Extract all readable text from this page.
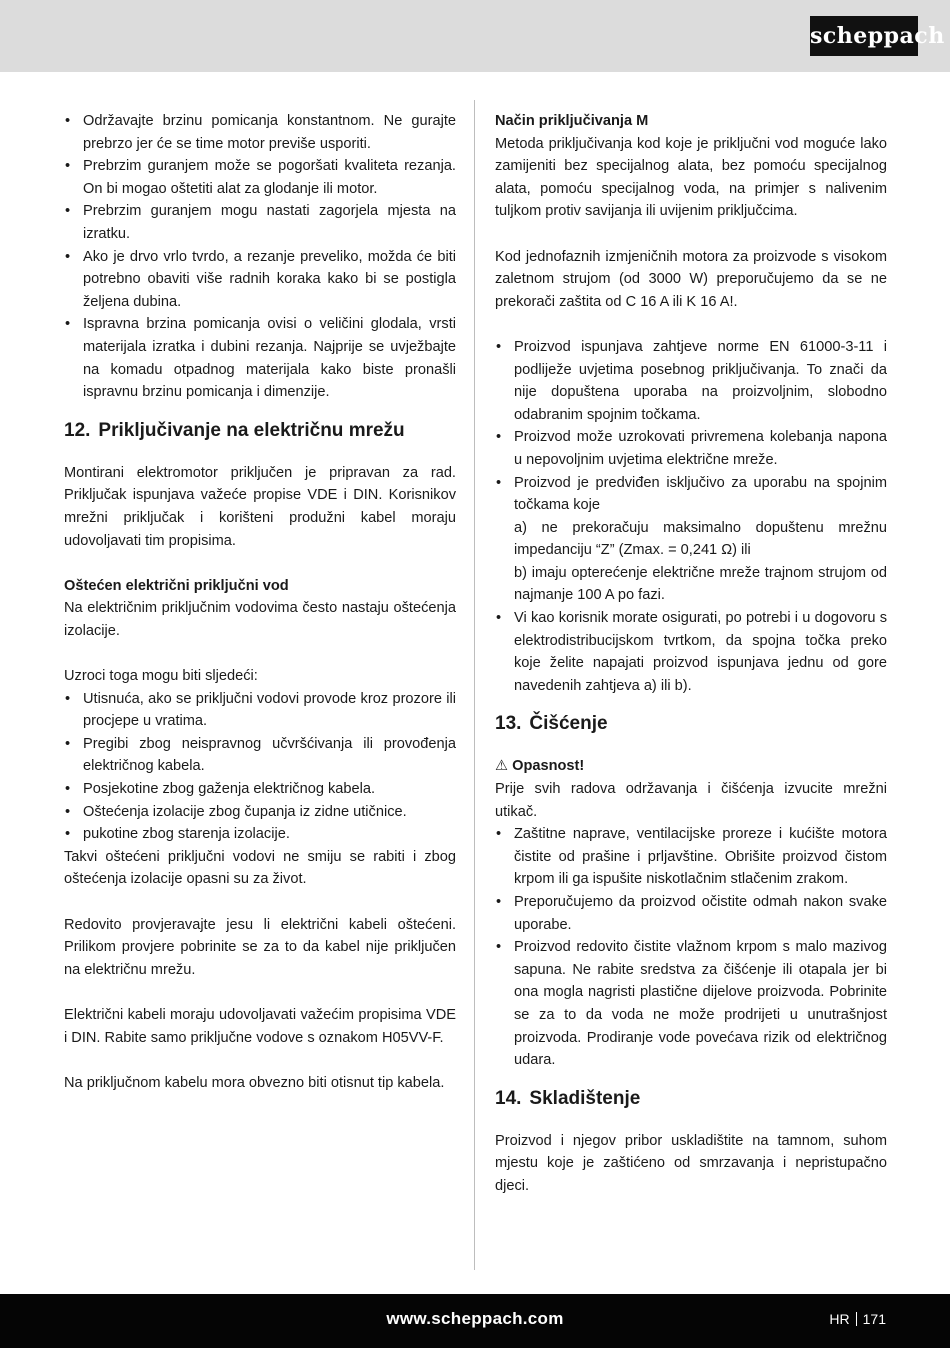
scheppach
• Održavajte brzinu pomicanja konstantnom. Ne gurajte prebrzo jer će se time motor previše usporiti.
• Prebrzim guranjem može se pogoršati kvaliteta rezanja. On bi mogao oštetiti alat za glodanje ili motor.
• Prebrzim guranjem mogu nastati zagorjela mjesta na izratku.
• Ako je drvo vrlo tvrdo, a rezanje preveliko, možda će biti potrebno obaviti više radnih koraka kako bi se postigla željena dubina.
• Ispravna brzina pomicanja ovisi o veličini glodala, vrsti materijala izratka i dubini rezanja. Najprije se uvježbajte na komadu otpadnog materijala kako biste pronašli ispravnu brzinu pomicanja i dimenzije.
12. Priključivanje na električnu mrežu

Montirani elektromotor priključen je pripravan za rad. Priključak ispunjava važeće propise VDE i DIN. Korisnikov mrežni priključak i korišteni produžni kabel moraju udovoljavati tim propisima.

Oštećen električni priključni vod

Na električnim priključnim vodovima često nastaju oštećenja izolacije.

Uzroci toga mogu biti sljedeći:

• Utisnuća, ako se priključni vodovi provode kroz prozore ili procjepe u vratima.
• Pregibi zbog neispravnog učvršćivanja ili provođenja električnog kabela.
• Posjekotine zbog gaženja električnog kabela.
• Oštećenja izolacije zbog čupanja iz zidne utičnice.
• pukotine zbog starenja izolacije.

Takvi oštećeni priključni vodovi ne smiju se rabiti i zbog oštećenja izolacije opasni su za život.

Redovito provjeravajte jesu li električni kabeli oštećeni. Prilikom provjere pobrinite se za to da kabel nije priključen na električnu mrežu.

Električni kabeli moraju udovoljavati važećim propisima VDE i DIN. Rabite samo priključne vodove s oznakom H05VV-F.

Na priključnom kabelu mora obvezno biti otisnut tip kabela.

Način priključivanja M

Metoda priključivanja kod koje je priključni vod moguće lako zamijeniti bez specijalnog alata, bez pomoću specijalnog alata, pomoću specijalnog voda, na primjer s nalivenim tuljkom protiv savijanja ili uvijenim priključcima.

Kod jednofaznih izmjeničnih motora za proizvode s visokom zaletnom strujom (od 3000 W) preporučujemo da se ne prekorači zaštita od C 16 A ili K 16 A!.

• Proizvod ispunjava zahtjeve norme EN 61000-3-11 i podliježe uvjetima posebnog priključivanja. To znači da nije dopuštena uporaba na proizvoljnim, slobodno odabranim spojnim točkama.
• Proizvod može uzrokovati privremena kolebanja napona u nepovoljnim uvjetima električne mreže.
• Proizvod je predviđen isključivo za uporabu na spojnim točkama koje
a) ne prekoračuju maksimalno dopuštenu mrežnu impedanciju “Z” (Zmax. = 0,241 Ω) ili
b) imaju opterećenje električne mreže trajnom strujom od najmanje 100 A po fazi.
• Vi kao korisnik morate osigurati, po potrebi i u dogovoru s elektrodistribucijskom tvrtkom, da spojna točka preko koje želite napajati proizvod ispunjava jednu od gore navedenih zahtjeva a) ili b).
13. Čišćenje

⚠ Opasnost!

Prije svih radova održavanja i čišćenja izvucite mrežni utikač.

• Zaštitne naprave, ventilacijske proreze i kućište motora čistite od prašine i prljavštine. Obrišite proizvod čistom krpom ili ga ispušite niskotlačnim stlačenim zrakom.
• Preporučujemo da proizvod očistite odmah nakon svake uporabe.
• Proizvod redovito čistite vlažnom krpom s malo mazivog sapuna. Ne rabite sredstva za čišćenje ili otapala jer bi ona mogla nagristi plastične dijelove proizvoda. Pobrinite se za to da voda ne može prodrijeti u unutrašnjost proizvoda. Prodiranje vode povećava rizik od električnog udara.
14. Skladištenje

Proizvod i njegov pribor uskladištite na tamnom, suhom mjestu koje je zaštićeno od smrzavanja i nepristupačno djeci.

www.scheppach.com	HR 171
